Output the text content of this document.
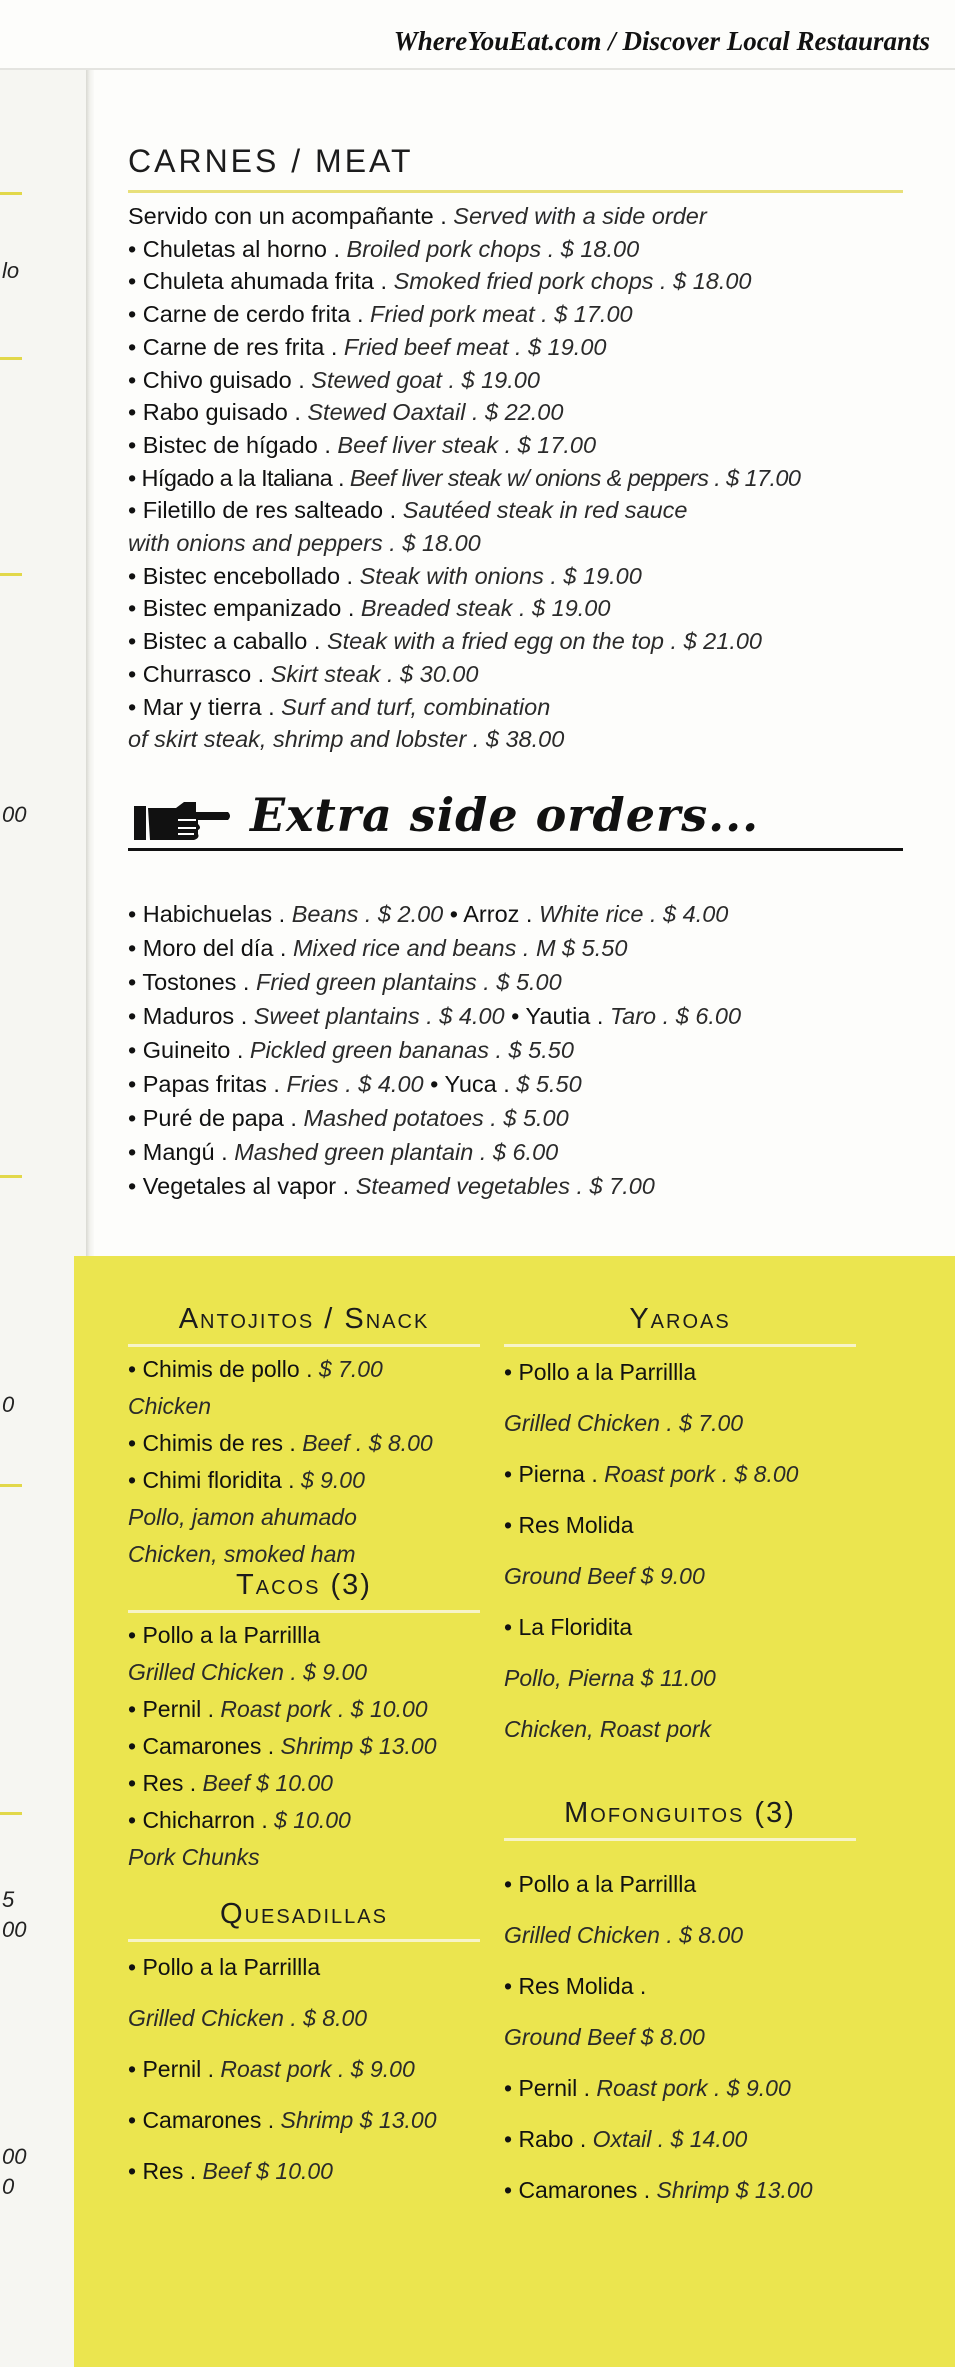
lo
00
0
5
00
00
0
WhereYouEat.com / Discover Local Restaurants
CARNES / MEAT
Servido con un acompañante . Served with a side order
• Chuletas al horno . Broiled pork chops . $ 18.00
• Chuleta ahumada frita . Smoked fried pork chops . $ 18.00
• Carne de cerdo frita . Fried pork meat . $ 17.00
• Carne de res frita . Fried beef meat . $ 19.00
• Chivo guisado . Stewed goat . $ 19.00
• Rabo guisado . Stewed Oaxtail . $ 22.00
• Bistec de hígado . Beef liver steak . $ 17.00
• Hígado a la Italiana . Beef liver steak w/ onions & peppers . $ 17.00
• Filetillo de res salteado . Sautéed steak in red sauce
with onions and peppers . $ 18.00
• Bistec encebollado . Steak with onions . $ 19.00
• Bistec empanizado . Breaded steak . $ 19.00
• Bistec a caballo . Steak with a fried egg on the top . $ 21.00
• Churrasco . Skirt steak . $ 30.00
• Mar y tierra . Surf and turf, combination
of skirt steak, shrimp and lobster . $ 38.00
Extra side orders...
• Habichuelas . Beans . $ 2.00 • Arroz . White rice . $ 4.00
• Moro del día . Mixed rice and beans . M $ 5.50
• Tostones . Fried green plantains . $ 5.00
• Maduros . Sweet plantains . $ 4.00 • Yautia . Taro . $ 6.00
• Guineito . Pickled green bananas . $ 5.50
• Papas fritas . Fries . $ 4.00 • Yuca . $ 5.50
• Puré de papa . Mashed potatoes . $ 5.00
• Mangú . Mashed green plantain . $ 6.00
• Vegetales al vapor . Steamed vegetables . $ 7.00
Antojitos / Snack
• Chimis de pollo . $ 7.00
Chicken
• Chimis de res . Beef . $ 8.00
• Chimi floridita . $ 9.00
Pollo, jamon ahumado
Chicken, smoked ham
Tacos (3)
• Pollo a la Parrillla
Grilled Chicken . $ 9.00
• Pernil . Roast pork . $ 10.00
• Camarones . Shrimp $ 13.00
• Res . Beef $ 10.00
• Chicharron . $ 10.00
Pork Chunks
Quesadillas
• Pollo a la Parrillla
Grilled Chicken . $ 8.00
• Pernil . Roast pork . $ 9.00
• Camarones . Shrimp $ 13.00
• Res . Beef $ 10.00
Yaroas
• Pollo a la Parrillla
Grilled Chicken . $ 7.00
• Pierna . Roast pork . $ 8.00
• Res Molida
Ground Beef $ 9.00
• La Floridita
Pollo, Pierna $ 11.00
Chicken, Roast pork
Mofonguitos (3)
• Pollo a la Parrillla
Grilled Chicken . $ 8.00
• Res Molida .
Ground Beef $ 8.00
• Pernil . Roast pork . $ 9.00
• Rabo . Oxtail . $ 14.00
• Camarones . Shrimp $ 13.00
